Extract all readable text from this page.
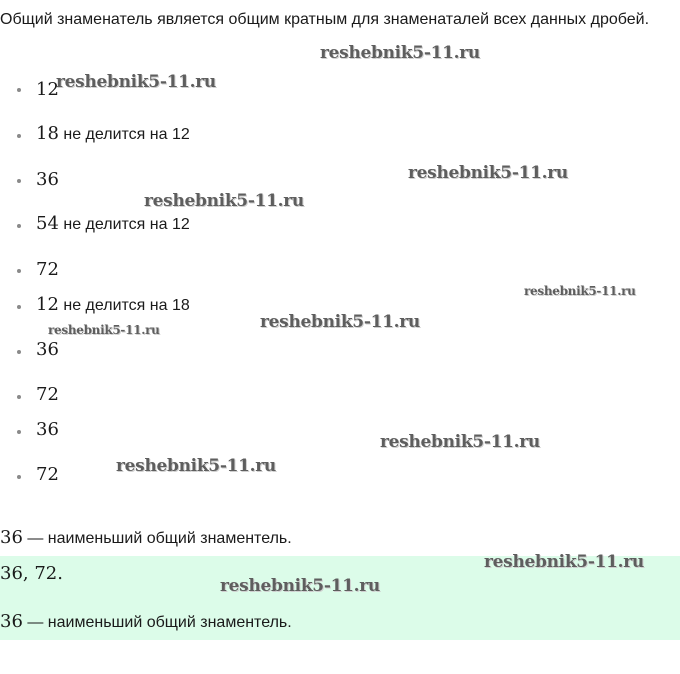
Общий знаменатель является общим кратным для знаменаталей всех данных дробей.
12
18 не делится на 12
36
54 не делится на 12
72
12 не делится на 18
36
72
36
72
36 — наименьший общий знаментель.
36, 72.
36 — наименьший общий знаментель.
reshebnik5-11.ru
reshebnik5-11.ru
reshebnik5-11.ru
reshebnik5-11.ru
reshebnik5-11.ru
reshebnik5-11.ru
reshebnik5-11.ru
reshebnik5-11.ru
reshebnik5-11.ru
reshebnik5-11.ru
reshebnik5-11.ru
